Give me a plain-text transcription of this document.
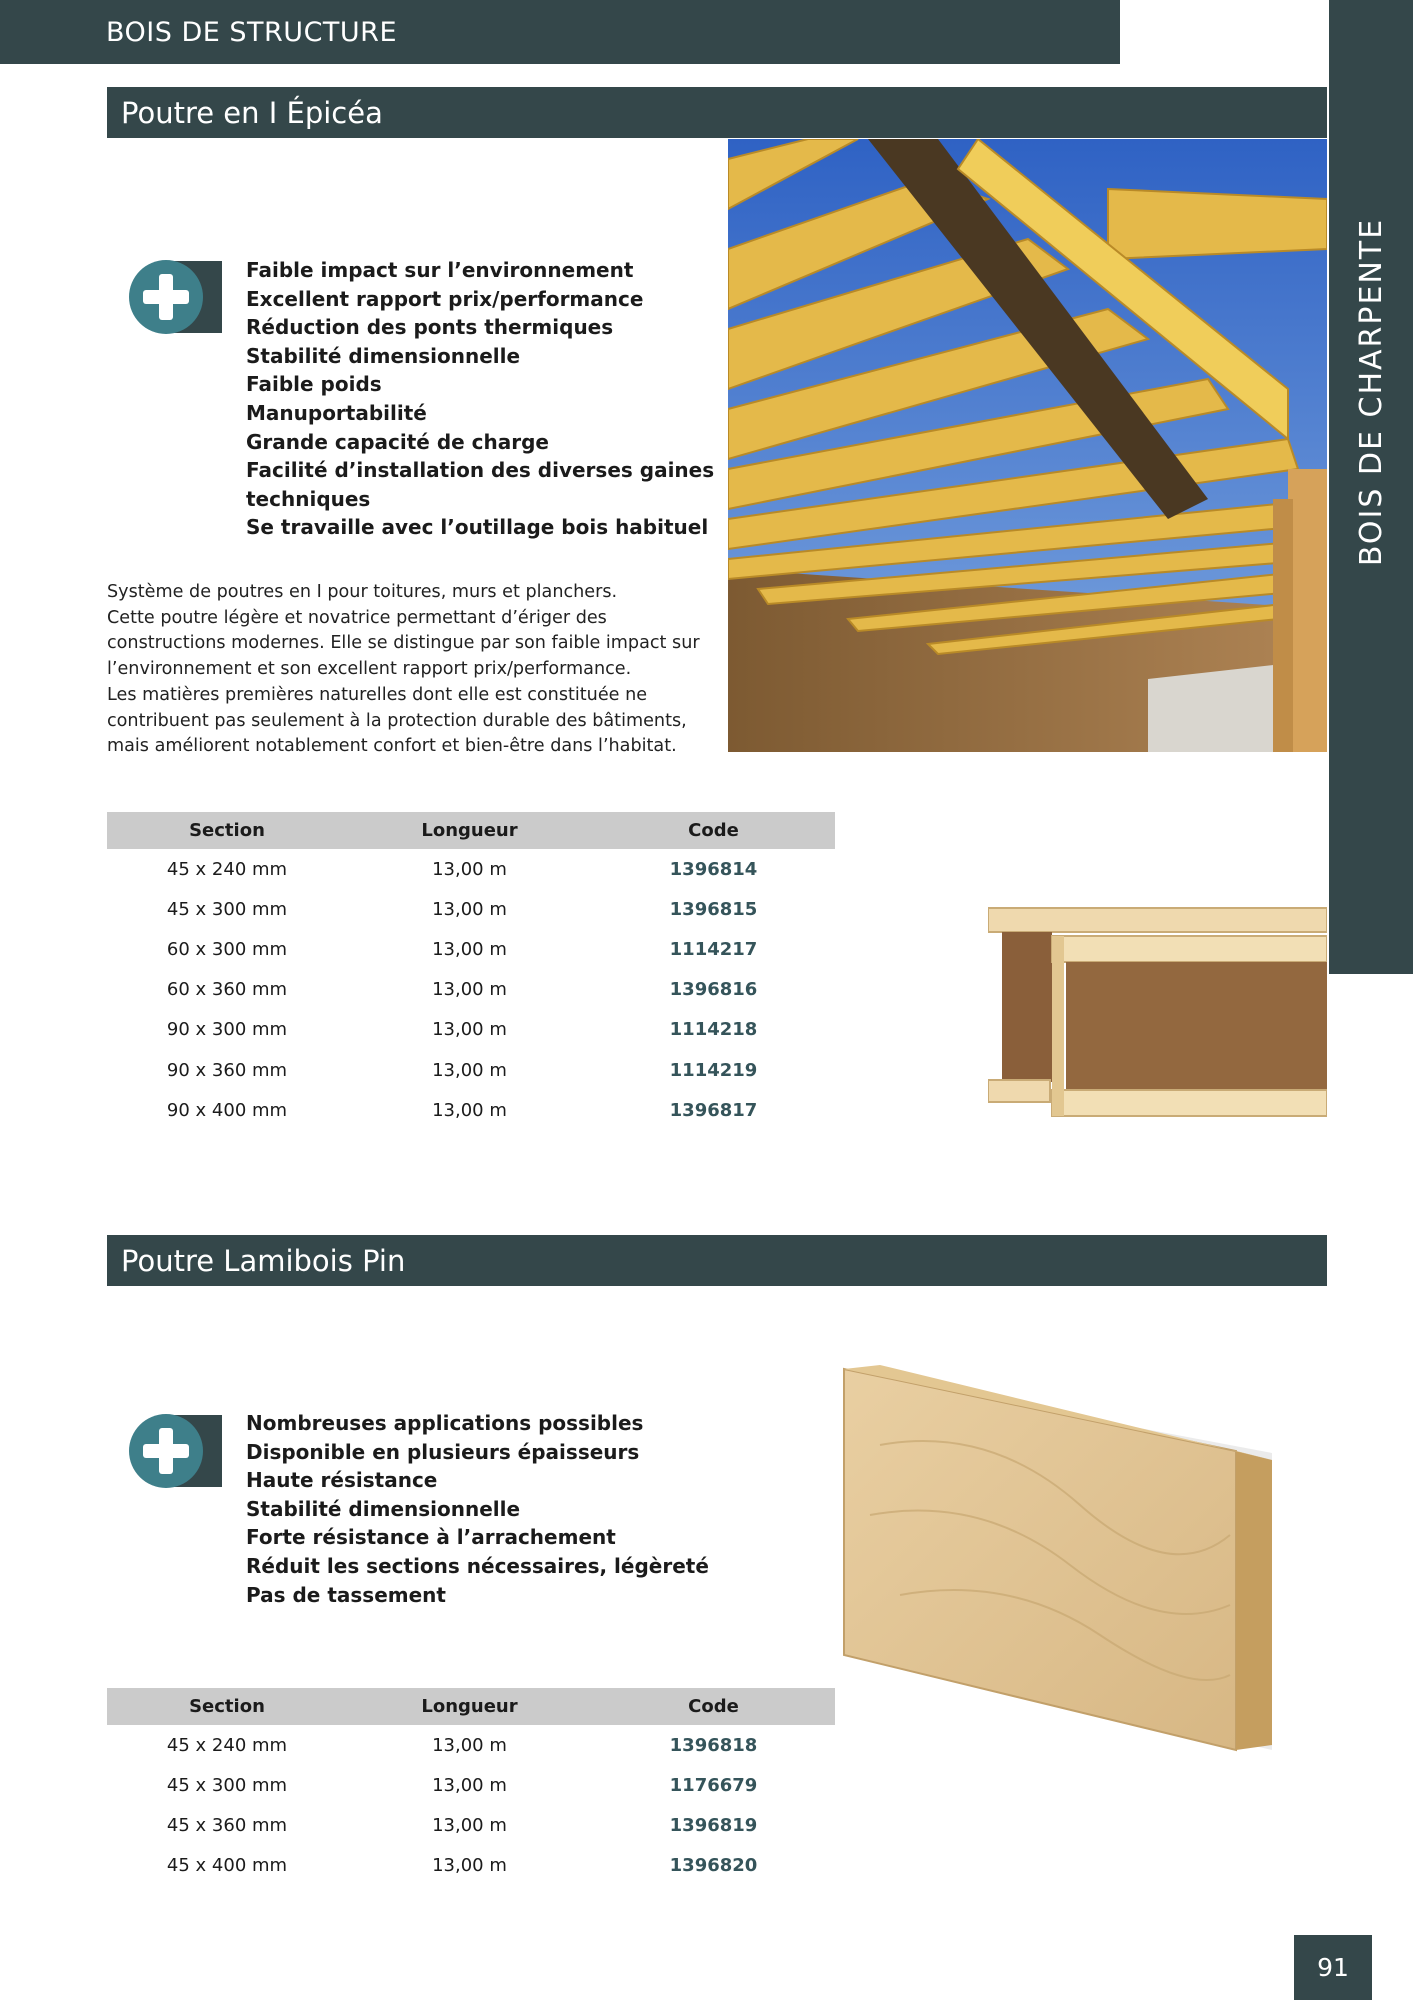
BOIS DE STRUCTURE
BOIS DE CHARPENTE
Poutre en I Épicéa
Faible impact sur l’environnement
Excellent rapport prix/performance
Réduction des ponts thermiques
Stabilité dimensionnelle
Faible poids
Manuportabilité
Grande capacité de charge
Facilité d’installation des diverses gaines
techniques
Se travaille avec l’outillage bois habituel
Système de poutres en I pour toitures, murs et planchers.
Cette poutre légère et novatrice permettant d’ériger des
constructions modernes. Elle se distingue par son faible impact sur
l’environnement et son excellent rapport prix/performance.
Les matières premières naturelles dont elle est constituée ne
contribuent pas seulement à la protection durable des bâtiments,
mais améliorent notablement confort et bien-être dans l’habitat.
Section	Longueur	Code
45 x 240 mm	13,00 m	1396814
45 x 300 mm	13,00 m	1396815
60 x 300 mm	13,00 m	1114217
60 x 360 mm	13,00 m	1396816
90 x 300 mm	13,00 m	1114218
90 x 360 mm	13,00 m	1114219
90 x 400 mm	13,00 m	1396817
Poutre Lamibois Pin
Nombreuses applications possibles
Disponible en plusieurs épaisseurs
Haute résistance
Stabilité dimensionnelle
Forte résistance à l’arrachement
Réduit les sections nécessaires, légèreté
Pas de tassement
Section	Longueur	Code
45 x 240 mm	13,00 m	1396818
45 x 300 mm	13,00 m	1176679
45 x 360 mm	13,00 m	1396819
45 x 400 mm	13,00 m	1396820
91
